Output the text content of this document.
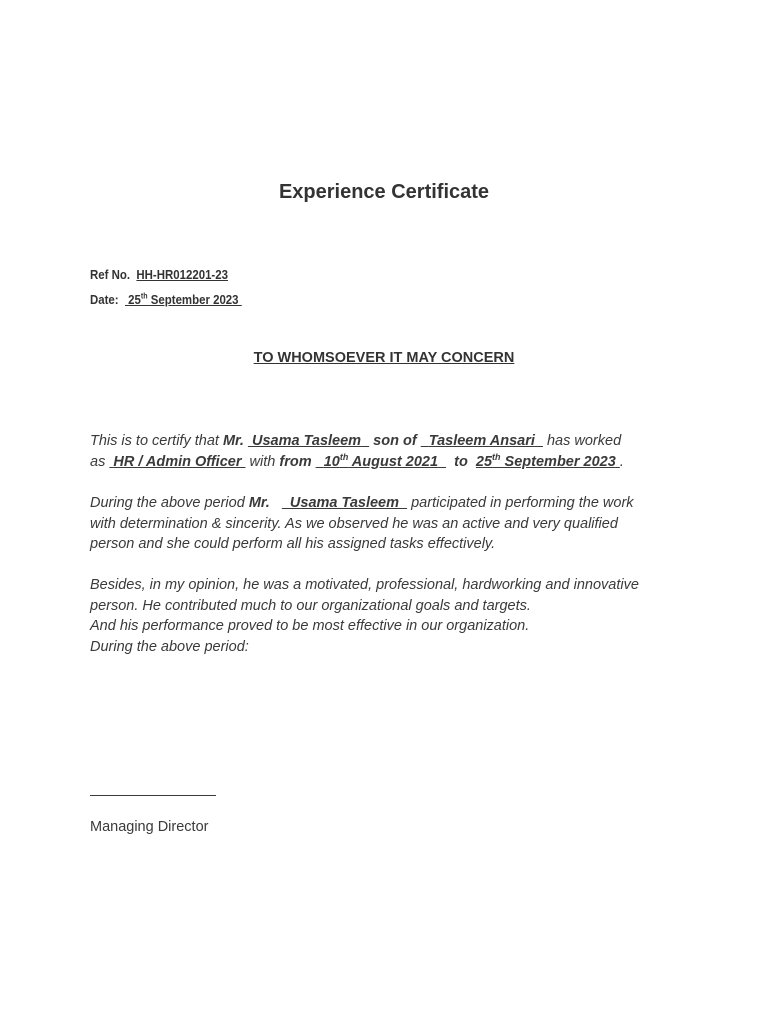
Experience Certificate
Ref No. HH-HR012201-23
Date: 25th September 2023
TO WHOMSOEVER IT MAY CONCERN
This is to certify that Mr. Usama Tasleem son of Tasleem Ansari   has worked
as  HR / Admin Officer  with from 10th August 2021 to 25th September 2023 .
During the above period Mr. Usama Tasleem   participated in performing the work
with determination & sincerity. As we observed he was an active and very qualified
person and she could perform all his assigned tasks effectively.
Besides, in my opinion, he was a motivated, professional, hardworking and innovative
person. He contributed much to our organizational goals and targets.
And his performance proved to be most effective in our organization.
During the above period:
Managing Director
